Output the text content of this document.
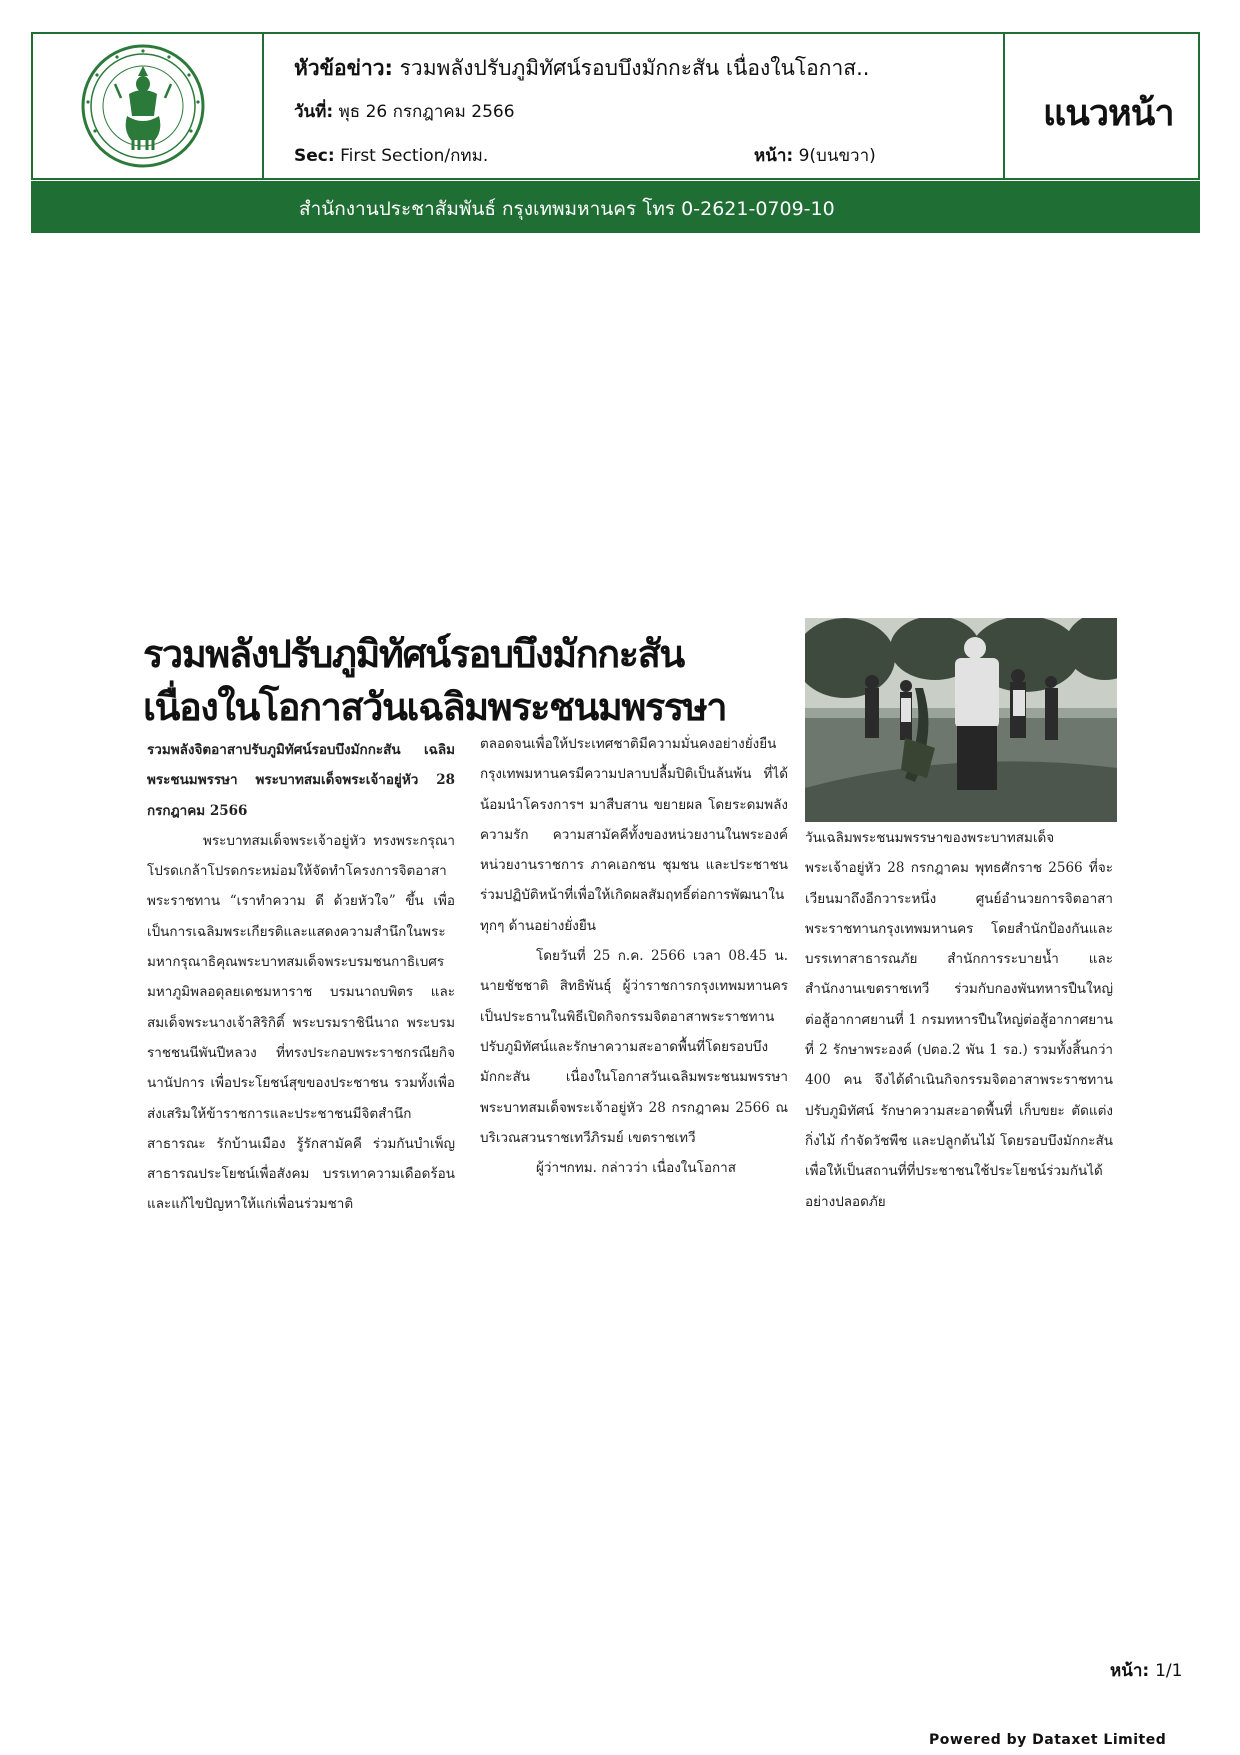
หัวข้อข่าว: รวมพลังปรับภูมิทัศน์รอบบึงมักกะสัน เนื่องในโอกาส..
วันที่: พุธ 26 กรกฎาคม 2566
Sec: First Section/กทม.	หน้า: 9(บนขวา)
แนวหน้า
สำนักงานประชาสัมพันธ์ กรุงเทพมหานคร โทร 0-2621-0709-10
รวมพลังปรับภูมิทัศน์รอบบึงมักกะสัน
เนื่องในโอกาสวันเฉลิมพระชนมพรรษา

รวมพลังจิตอาสาปรับภูมิทัศน์รอบบึงมักกะสัน เฉลิมพระชนมพรรษา พระบาทสมเด็จพระเจ้าอยู่หัว 28 กรกฎาคม 2566

พระบาทสมเด็จพระเจ้าอยู่หัว ทรงพระกรุณาโปรดเกล้าโปรดกระหม่อมให้จัดทำโครงการจิตอาสาพระราชทาน “เราทำความ ดี ด้วยหัวใจ” ขึ้น เพื่อเป็นการเฉลิมพระเกียรติและแสดงความสำนึกในพระมหากรุณาธิคุณพระบาทสมเด็จพระบรมชนกาธิเบศร มหาภูมิพลอดุลยเดชมหาราช บรมนาถบพิตร และสมเด็จพระนางเจ้าสิริกิติ์ พระบรมราชินีนาถ พระบรมราชชนนีพันปีหลวง ที่ทรงประกอบพระราชกรณียกิจนานัปการ เพื่อประโยชน์สุขของประชาชน รวมทั้งเพื่อส่งเสริมให้ข้าราชการและประชาชนมีจิตสำนึกสาธารณะ รักบ้านเมือง รู้รักสามัคคี ร่วมกันบำเพ็ญสาธารณประโยชน์เพื่อสังคม บรรเทาความเดือดร้อนและแก้ไขปัญหาให้แก่เพื่อนร่วมชาติ

ตลอดจนเพื่อให้ประเทศชาติมีความมั่นคงอย่างยั่งยืน กรุงเทพมหานครมีความปลาบปลื้มปิติเป็นล้นพ้น ที่ได้น้อมนำโครงการฯ มาสืบสาน ขยายผล โดยระดมพลังความรัก ความสามัคคีทั้งของหน่วยงานในพระองค์ หน่วยงานราชการ ภาคเอกชน ชุมชน และประชาชน ร่วมปฏิบัติหน้าที่เพื่อให้เกิดผลสัมฤทธิ์ต่อการพัฒนาในทุกๆ ด้านอย่างยั่งยืน

โดยวันที่ 25 ก.ค. 2566 เวลา 08.45 น. นายชัชชาติ สิทธิพันธุ์ ผู้ว่าราชการกรุงเทพมหานคร เป็นประธานในพิธีเปิดกิจกรรมจิตอาสาพระราชทานปรับภูมิทัศน์และรักษาความสะอาดพื้นที่โดยรอบบึงมักกะสัน เนื่องในโอกาสวันเฉลิมพระชนมพรรษา พระบาทสมเด็จพระเจ้าอยู่หัว 28 กรกฎาคม 2566 ณ บริเวณสวนราชเทวีภิรมย์ เขตราชเทวี

ผู้ว่าฯกทม. กล่าวว่า เนื่องในโอกาส

วันเฉลิมพระชนมพรรษาของพระบาทสมเด็จพระเจ้าอยู่หัว 28 กรกฎาคม พุทธศักราช 2566 ที่จะเวียนมาถึงอีกวาระหนึ่ง ศูนย์อำนวยการจิตอาสาพระราชทานกรุงเทพมหานคร โดยสำนักป้องกันและบรรเทาสาธารณภัย สำนักการระบายน้ำ และสำนักงานเขตราชเทวี ร่วมกับกองพันทหารปืนใหญ่ต่อสู้อากาศยานที่ 1 กรมทหารปืนใหญ่ต่อสู้อากาศยานที่ 2 รักษาพระองค์ (ปตอ.2 พัน 1 รอ.) รวมทั้งสิ้นกว่า 400 คน จึงได้ดำเนินกิจกรรมจิตอาสาพระราชทานปรับภูมิทัศน์ รักษาความสะอาดพื้นที่ เก็บขยะ ตัดแต่งกิ่งไม้ กำจัดวัชพืช และปลูกต้นไม้ โดยรอบบึงมักกะสัน เพื่อให้เป็นสถานที่ที่ประชาชนใช้ประโยชน์ร่วมกันได้อย่างปลอดภัย

หน้า: 1/1
Powered by Dataxet Limited
